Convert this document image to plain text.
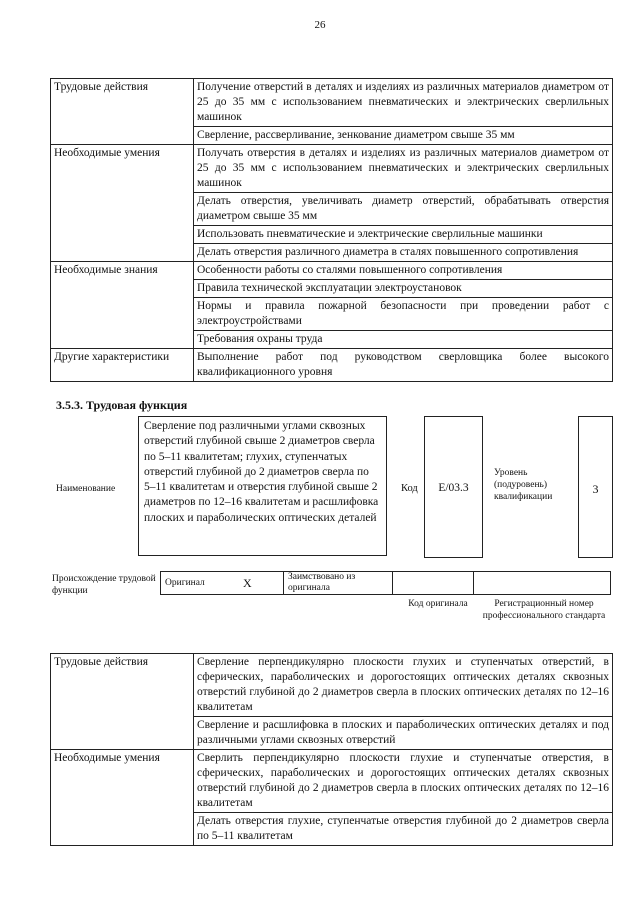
26
Трудовые действия	Получение отверстий в деталях и изделиях из различных материалов диаметром от 25 до 35 мм с использованием пневматических и электрических сверлильных машинок
	Сверление, рассверливание, зенкование диаметром свыше 35 мм
Необходимые умения	Получать отверстия в деталях и изделиях из различных материалов диаметром от 25 до 35 мм с использованием пневматических и электрических сверлильных машинок
	Делать отверстия, увеличивать диаметр отверстий, обрабатывать отверстия диаметром свыше 35 мм
	Использовать пневматические и электрические сверлильные машинки
	Делать отверстия различного диаметра в сталях повышенного сопротивления
Необходимые знания	Особенности работы со сталями повышенного сопротивления
	Правила технической эксплуатации электроустановок
	Нормы и правила пожарной безопасности при проведении работ с электроустройствами
	Требования охраны труда
Другие характеристики	Выполнение работ под руководством сверловщика более высокого квалификационного уровня
3.5.3. Трудовая функция
Наименование
Сверление под различными углами сквозных отверстий глубиной свыше 2 диаметров сверла по 5–11 квалитетам; глухих, ступенчатых отверстий глубиной до 2 диаметров сверла по 5–11 квалитетам и отверстия глубиной свыше 2 диаметров по 12–16 квалитетам и расшлифовка плоских и параболических оптических деталей
Код	E/03.3
Уровень (подуровень) квалификации
3
Происхождение трудовой функции
Оригинал	X	Заимствовано из оригинала		
Код оригинала	Регистрационный номер профессионального стандарта
Трудовые действия	Сверление перпендикулярно плоскости глухих и ступенчатых отверстий, в сферических, параболических и дорогостоящих оптических деталях сквозных отверстий глубиной до 2 диаметров сверла в плоских оптических деталях по 12–16 квалитетам
	Сверление и расшлифовка в плоских и параболических оптических деталях и под различными углами сквозных отверстий
Необходимые умения	Сверлить перпендикулярно плоскости глухие и ступенчатые отверстия, в сферических, параболических и дорогостоящих оптических деталях сквозных отверстий глубиной до 2 диаметров сверла в плоских оптических деталях по 12–16 квалитетам
	Делать отверстия глухие, ступенчатые отверстия глубиной до 2 диаметров сверла по 5–11 квалитетам
